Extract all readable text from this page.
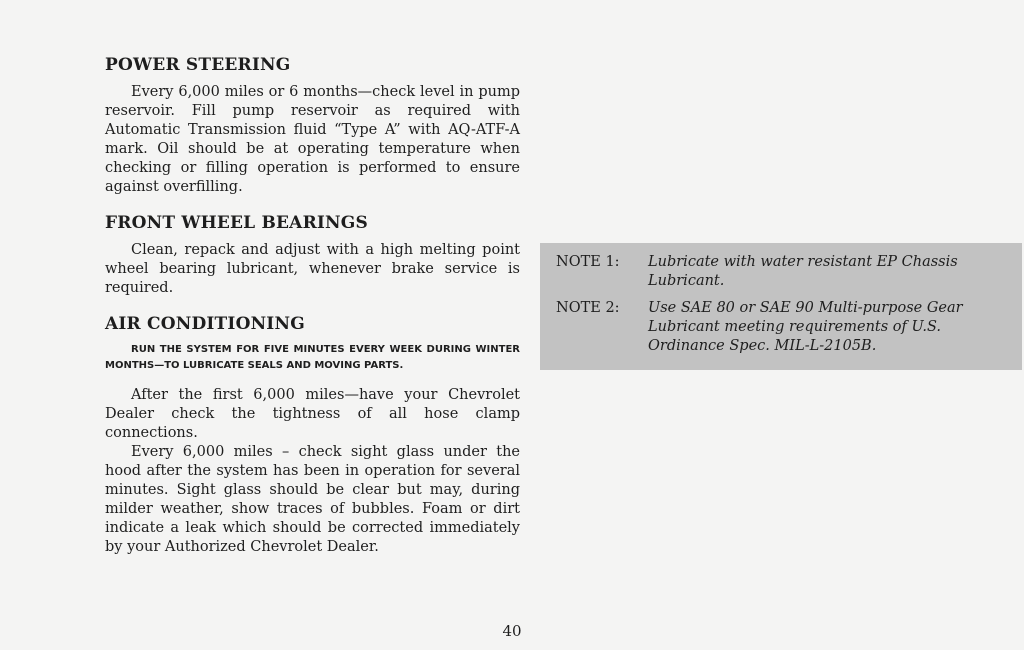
POWER STEERING

Every 6,000 miles or 6 months—check level in pump reservoir. Fill pump reservoir as required with Automatic Transmission fluid “Type A” with AQ-ATF-A mark. Oil should be at operating temperature when checking or filling operation is performed to ensure against overfilling.

FRONT WHEEL BEARINGS

Clean, repack and adjust with a high melting point wheel bearing lubricant, whenever brake service is required.

AIR CONDITIONING

RUN THE SYSTEM FOR FIVE MINUTES EVERY WEEK DURING WINTER MONTHS—TO LUBRICATE SEALS AND MOVING PARTS.

After the first 6,000 miles—have your Chevrolet Dealer check the tightness of all hose clamp connections.

Every 6,000 miles – check sight glass under the hood after the system has been in operation for several minutes. Sight glass should be clear but may, during milder weather, show traces of bubbles. Foam or dirt indicate a leak which should be corrected immediately by your Authorized Chevrolet Dealer.

NOTE 1:	Lubricate with water resistant EP Chassis Lubricant.
NOTE 2:	Use SAE 80 or SAE 90 Multi-purpose Gear Lubricant meeting requirements of U.S. Ordinance Spec. MIL-L-2105B.
40
